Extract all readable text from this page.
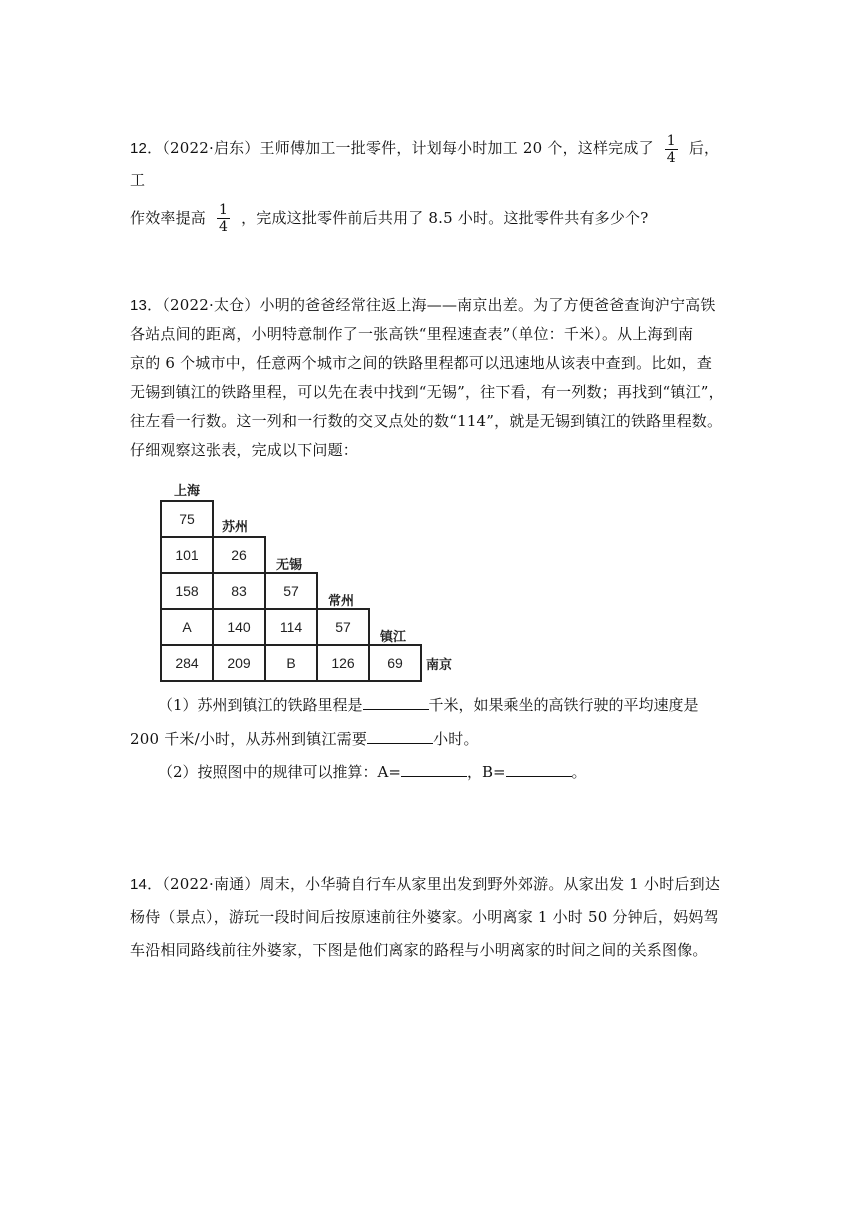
12．（2022·启东）王师傅加工一批零件，计划每小时加工 20 个，这样完成了 $\frac{1}{4}$ 后，工

作效率提高 $\frac{1}{4}$ ，完成这批零件前后共用了 8.5 小时。这批零件共有多少个?

13．（2022·太仓）小明的爸爸经常往返上海——南京出差。为了方便爸爸查询沪宁高铁

各站点间的距离，小明特意制作了一张高铁“里程速查表”（单位：千米）。从上海到南

京的 6 个城市中，任意两个城市之间的铁路里程都可以迅速地从该表中查到。比如，查

无锡到镇江的铁路里程，可以先在表中找到“无锡”，往下看，有一列数；再找到“镇江”，

往左看一行数。这一列和一行数的交叉点处的数“114”，就是无锡到镇江的铁路里程数。

仔细观察这张表，完成以下问题：

上海
苏州
无锡
常州
镇江
南京
75
101	26
158	83	57
A	140	114	57
284	209	B	126	69
（1）苏州到镇江的铁路里程是	千米，如果乘坐的高铁行驶的平均速度是
200 千米/小时，从苏州到镇江需要	小时。
（2）按照图中的规律可以推算：A=	，B=	。

14．（2022·南通）周末，小华骑自行车从家里出发到野外郊游。从家出发 1 小时后到达

杨侍（景点），游玩一段时间后按原速前往外婆家。小明离家 1 小时 50 分钟后，妈妈驾

车沿相同路线前往外婆家，下图是他们离家的路程与小明离家的时间之间的关系图像。
